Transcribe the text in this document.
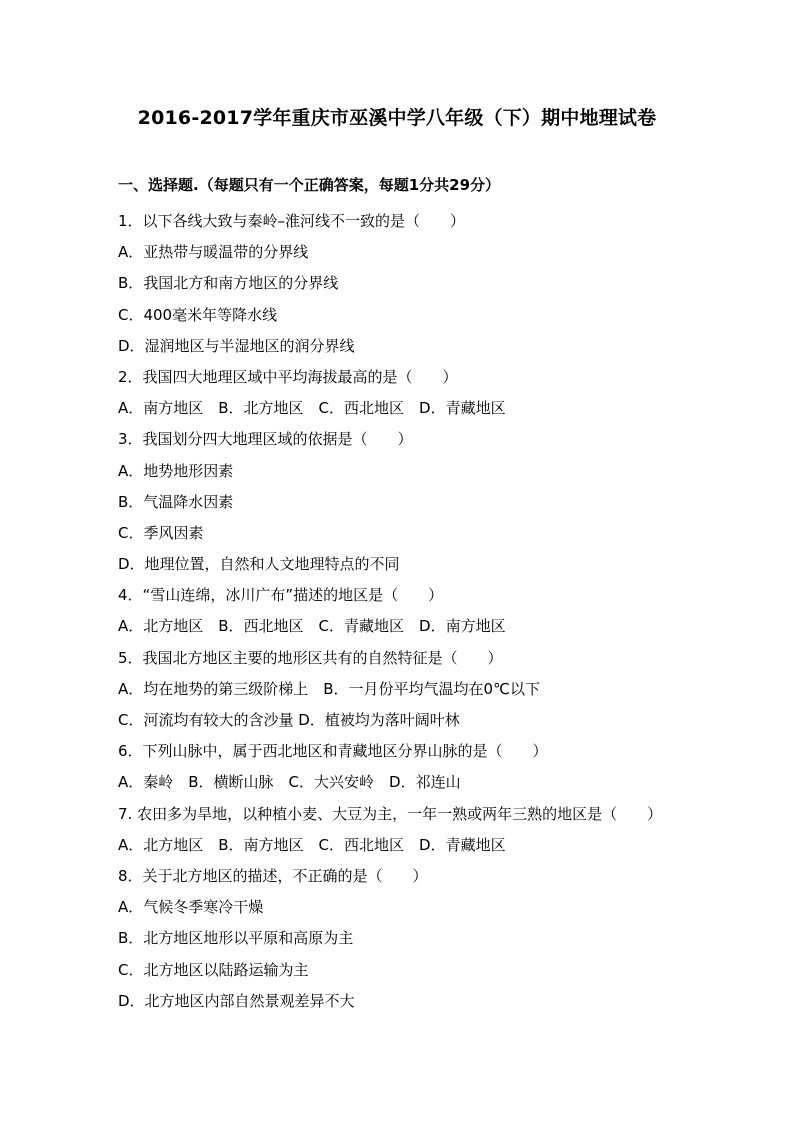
2016-2017学年重庆市巫溪中学八年级（下）期中地理试卷
一、选择题.（每题只有一个正确答案，每题1分共29分）
1．以下各线大致与秦岭–淮河线不一致的是（　　）
A．亚热带与暖温带的分界线
B．我国北方和南方地区的分界线
C．400毫米年等降水线
D．湿润地区与半湿地区的润分界线
2．我国四大地理区域中平均海拔最高的是（　　）
A．南方地区　B．北方地区　C．西北地区　D．青藏地区
3．我国划分四大地理区域的依据是（　　）
A．地势地形因素
B．气温降水因素
C．季风因素
D．地理位置，自然和人文地理特点的不同
4．“雪山连绵，冰川广布”描述的地区是（　　）
A．北方地区　B．西北地区　C．青藏地区　D．南方地区
5．我国北方地区主要的地形区共有的自然特征是（　　）
A．均在地势的第三级阶梯上　B．一月份平均气温均在0℃以下
C．河流均有较大的含沙量 D．植被均为落叶阔叶林
6．下列山脉中，属于西北地区和青藏地区分界山脉的是（　　）
A．秦岭　B．横断山脉　C．大兴安岭　D．祁连山
7. 农田多为旱地，以种植小麦、大豆为主，一年一熟或两年三熟的地区是（　　）
A．北方地区　B．南方地区　C．西北地区　D．青藏地区
8．关于北方地区的描述，不正确的是（　　）
A．气候冬季寒冷干燥
B．北方地区地形以平原和高原为主
C．北方地区以陆路运输为主
D．北方地区内部自然景观差异不大
